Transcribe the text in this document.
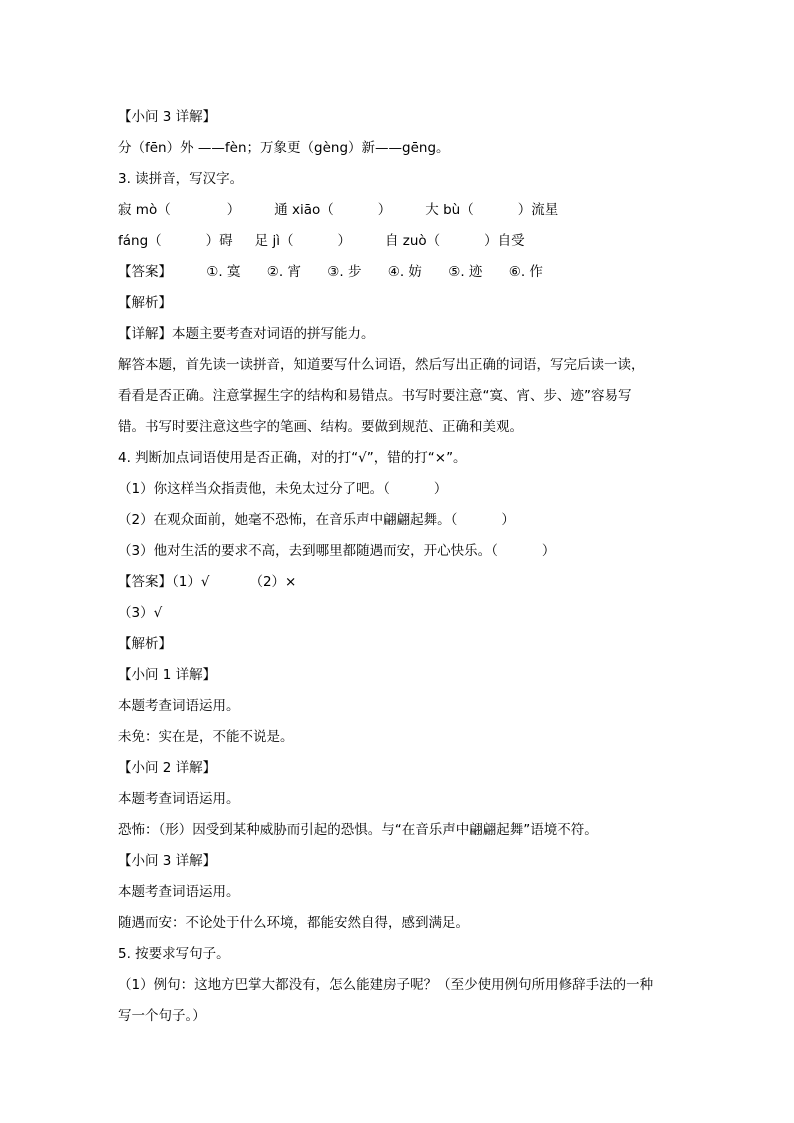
【小问 3 详解】
分（fēn）外 ——fèn；万象更（gèng）新——gēng。
3. 读拼音，写汉字。
寂 mò（	）	通 xiāo（	）	大 bù（	）流星
fáng（	）碍 足 jì（	）	自 zuò（	）自受
【答案】	①. 寞 ②. 宵 ③. 步 ④. 妨 ⑤. 迹 ⑥. 作
【解析】
【详解】本题主要考查对词语的拼写能力。
解答本题，首先读一读拼音，知道要写什么词语，然后写出正确的词语，写完后读一读，
看看是否正确。注意掌握生字的结构和易错点。书写时要注意“寞、宵、步、迹”容易写
错。书写时要注意这些字的笔画、结构。要做到规范、正确和美观。
4. 判断加点词语使用是否正确，对的打“√”，错的打“×”。
（1）你这样当众指责他，未免太过分了吧。（	）
（2）在观众面前，她毫不恐怖，在音乐声中翩翩起舞。（	）
（3）他对生活的要求不高，去到哪里都随遇而安，开心快乐。（	）
【答案】（1）√	（2）×
（3）√
【解析】
【小问 1 详解】
本题考查词语运用。
未免：实在是，不能不说是。
【小问 2 详解】
本题考查词语运用。
恐怖：（形）因受到某种威胁而引起的恐惧。与“在音乐声中翩翩起舞”语境不符。
【小问 3 详解】
本题考查词语运用。
随遇而安：不论处于什么环境，都能安然自得，感到满足。
5. 按要求写句子。
（1）例句：这地方巴掌大都没有，怎么能建房子呢？（至少使用例句所用修辞手法的一种
写一个句子。）
